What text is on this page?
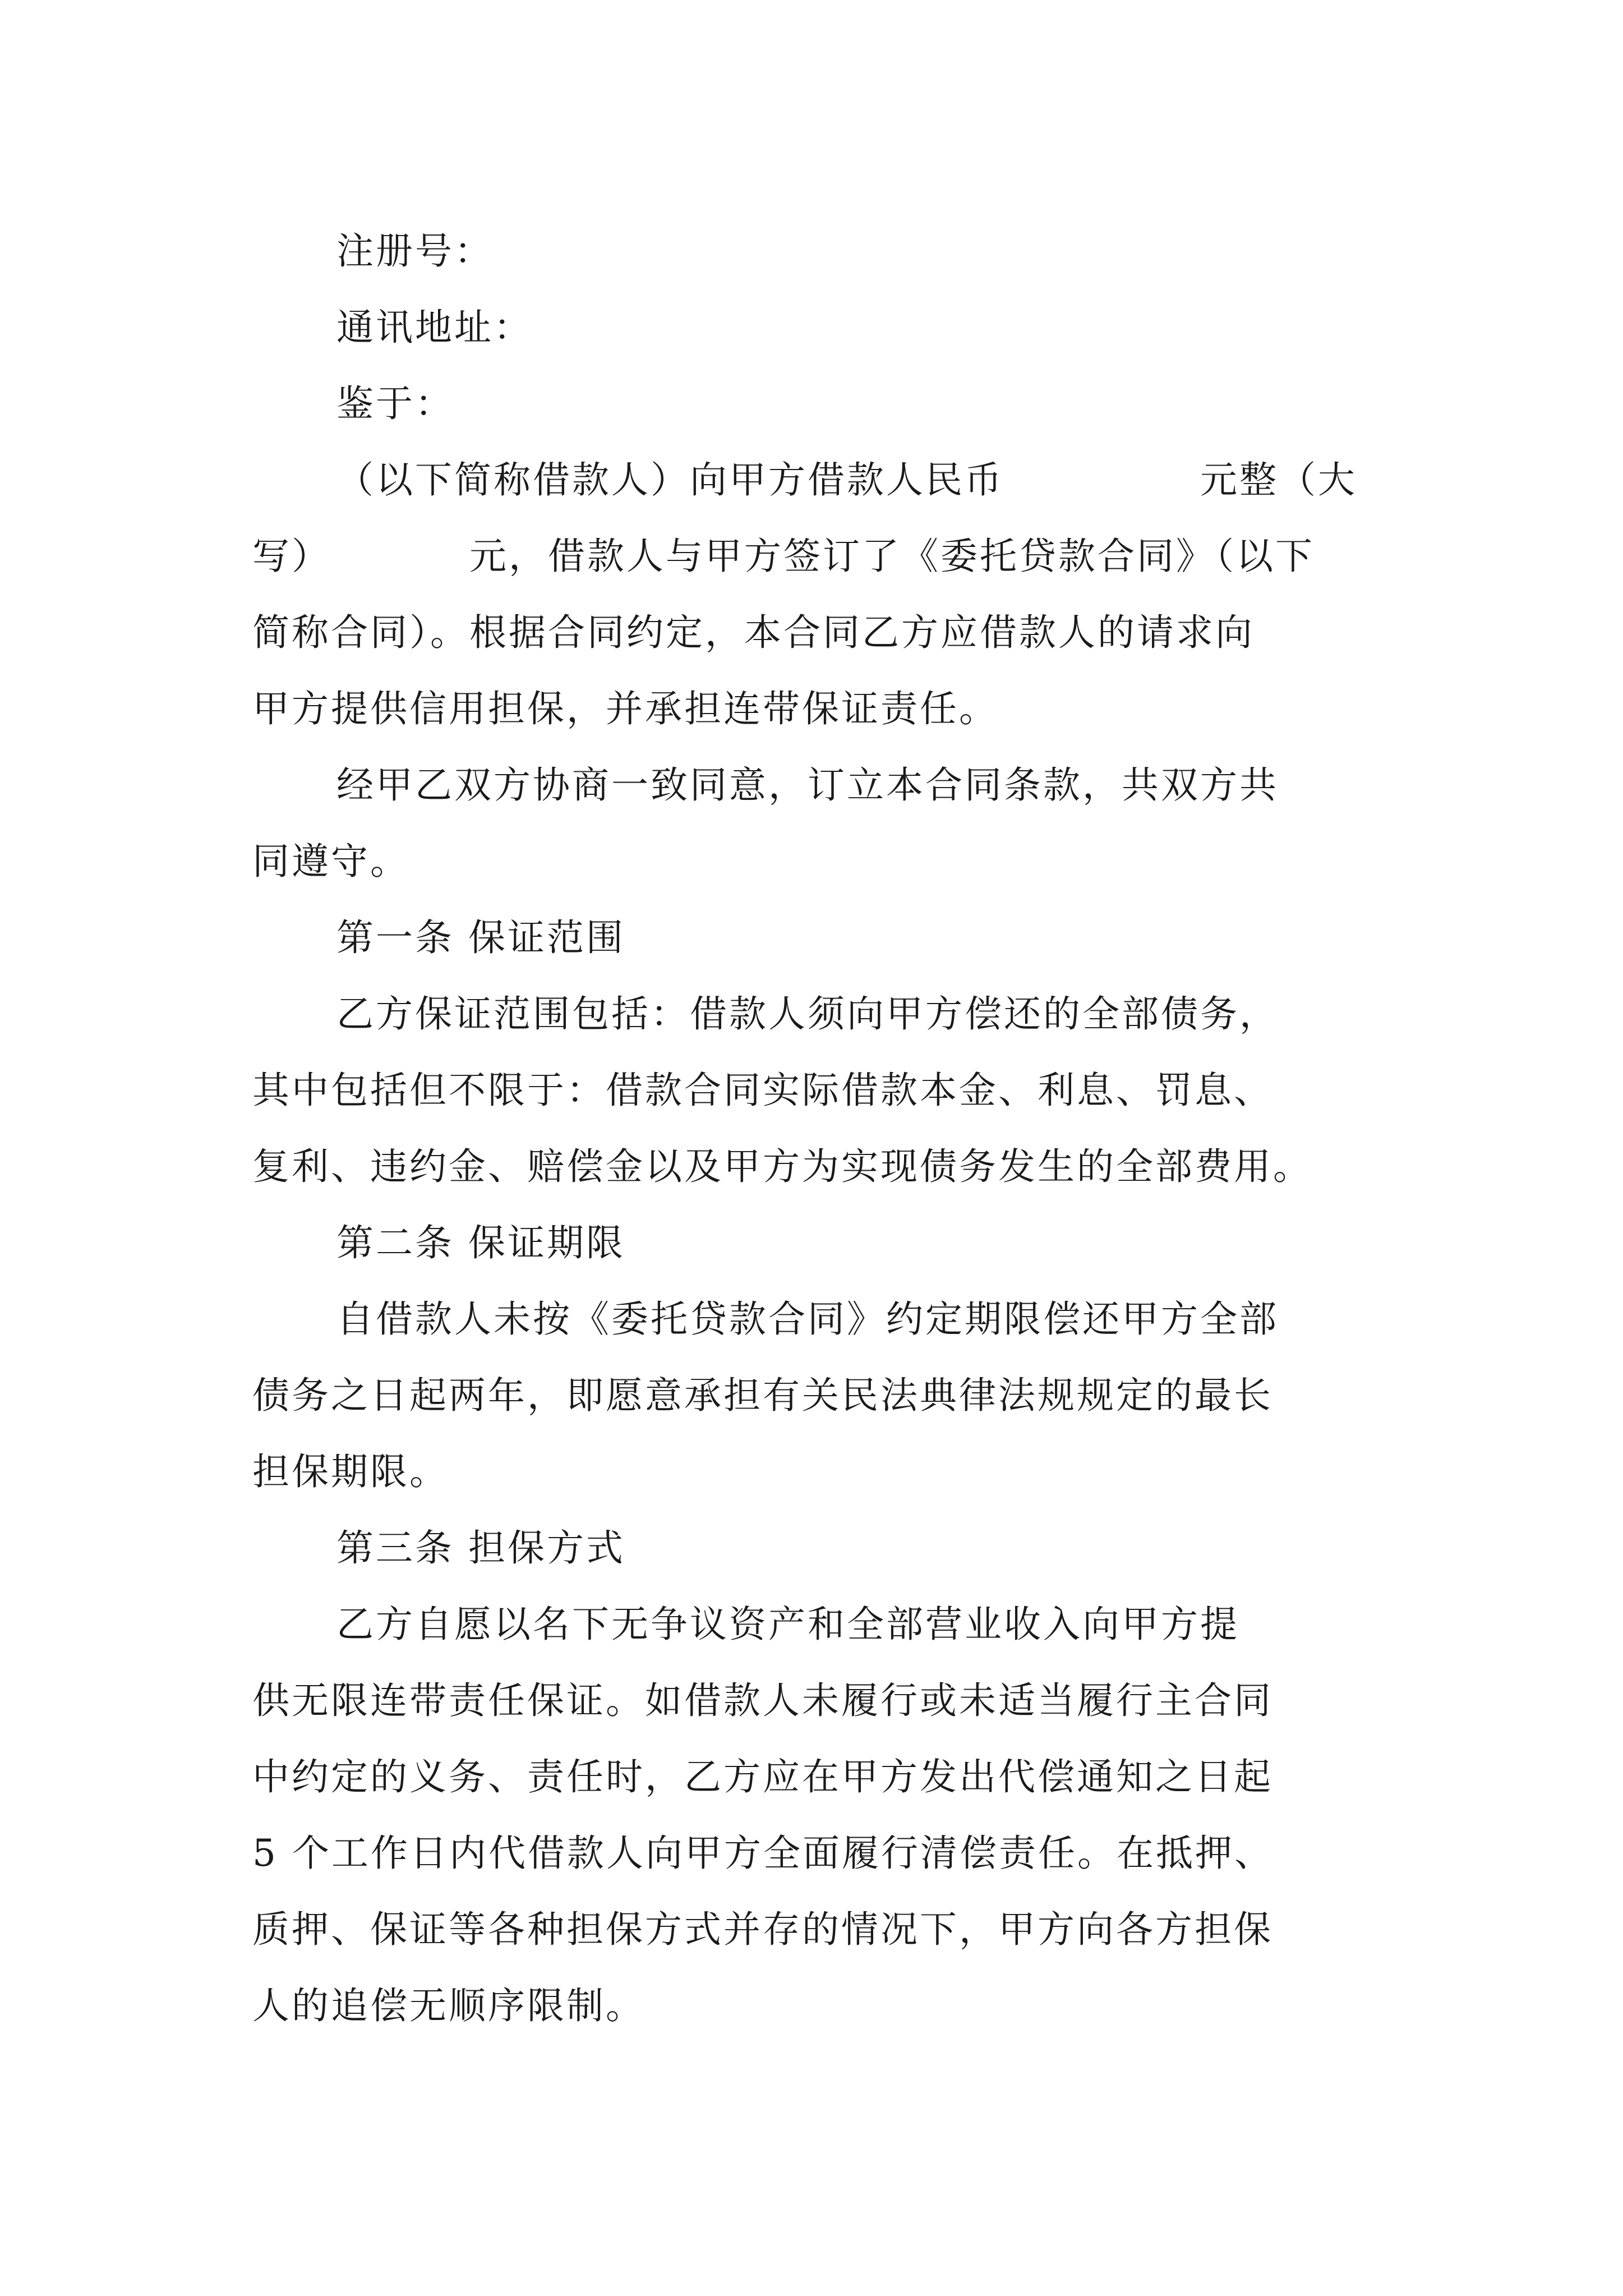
注册号：
通讯地址：
鉴于：
（以下简称借款人）向甲方借款人民币　　　　　元整（大
写）　　　　元，借款人与甲方签订了《委托贷款合同》（以下
简称合同）。根据合同约定，本合同乙方应借款人的请求向
甲方提供信用担保，并承担连带保证责任。
经甲乙双方协商一致同意，订立本合同条款，共双方共
同遵守。
第一条 保证范围
乙方保证范围包括：借款人须向甲方偿还的全部债务，
其中包括但不限于：借款合同实际借款本金、利息、罚息、
复利、违约金、赔偿金以及甲方为实现债务发生的全部费用。
第二条 保证期限
自借款人未按《委托贷款合同》约定期限偿还甲方全部
债务之日起两年，即愿意承担有关民法典律法规规定的最长
担保期限。
第三条 担保方式
乙方自愿以名下无争议资产和全部营业收入向甲方提
供无限连带责任保证。如借款人未履行或未适当履行主合同
中约定的义务、责任时，乙方应在甲方发出代偿通知之日起
5 个工作日内代借款人向甲方全面履行清偿责任。在抵押、
质押、保证等各种担保方式并存的情况下，甲方向各方担保
人的追偿无顺序限制。
